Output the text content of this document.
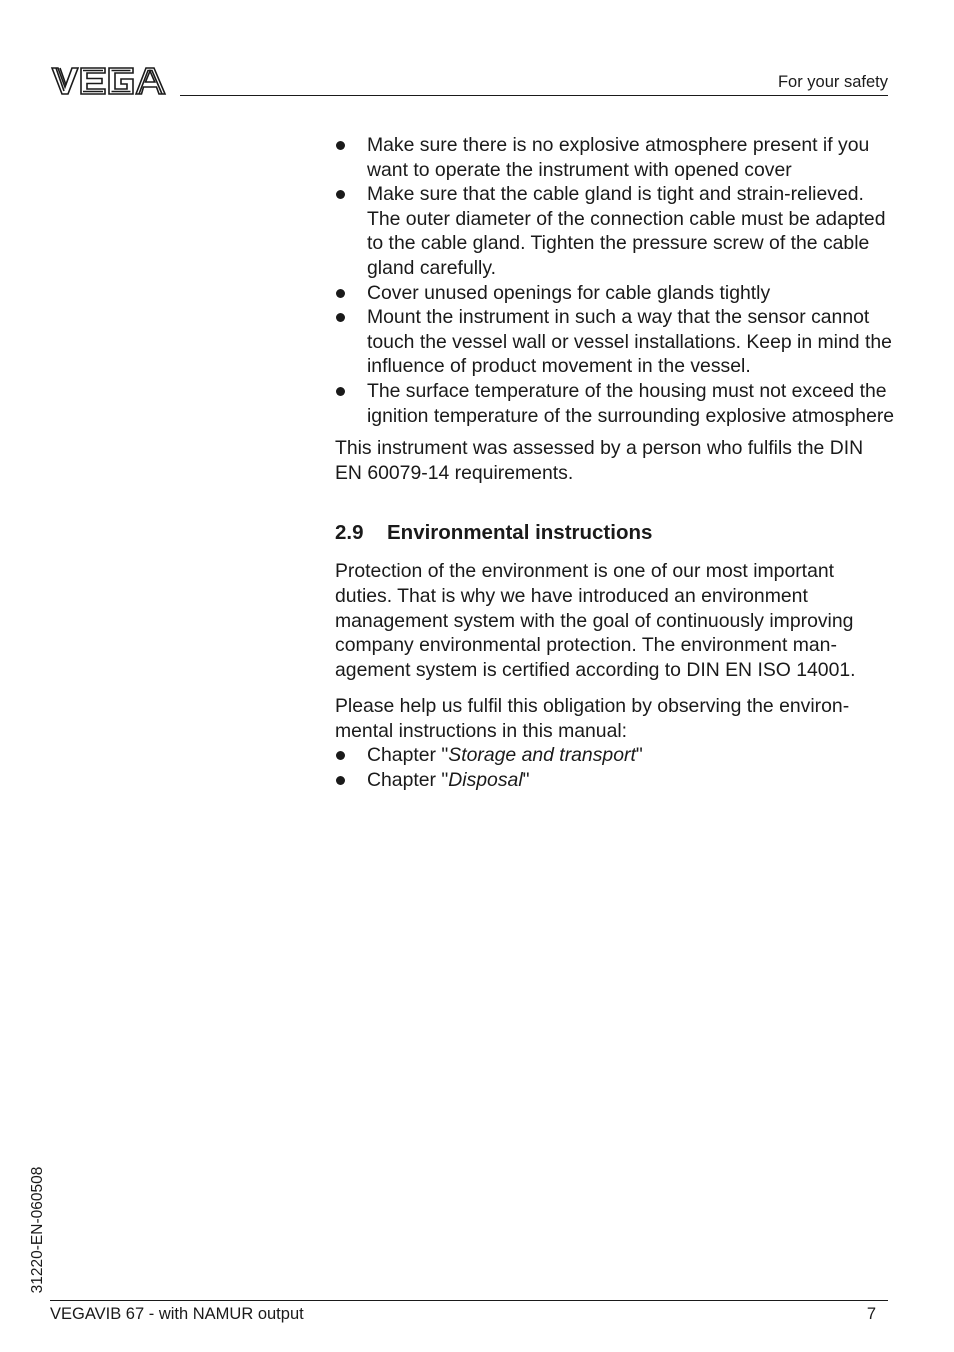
For your safety
Make sure there is no explosive atmosphere present if you want to operate the instrument with opened cover
Make sure that the cable gland is tight and strain-relieved. The outer diameter of the connection cable must be adapted to the cable gland. Tighten the pressure screw of the cable gland carefully.
Cover unused openings for cable glands tightly
Mount the instrument in such a way that the sensor cannot touch the vessel wall or vessel installations. Keep in mind the influence of product movement in the vessel.
The surface temperature of the housing must not exceed the ignition temperature of the surrounding explosive atmosphere

This instrument was assessed by a person who fulfils the DIN EN 60079-14 requirements.

2.9	Environmental instructions

Protection of the environment is one of our most important duties. That is why we have introduced an environment management system with the goal of continuously improving company environmental protection. The environment man-agement system is certified according to DIN EN ISO 14001.

Please help us fulfil this obligation by observing the environ-mental instructions in this manual:

Chapter "Storage and transport"
Chapter "Disposal"
31220-EN-060508
VEGAVIB 67 - with NAMUR output	7
